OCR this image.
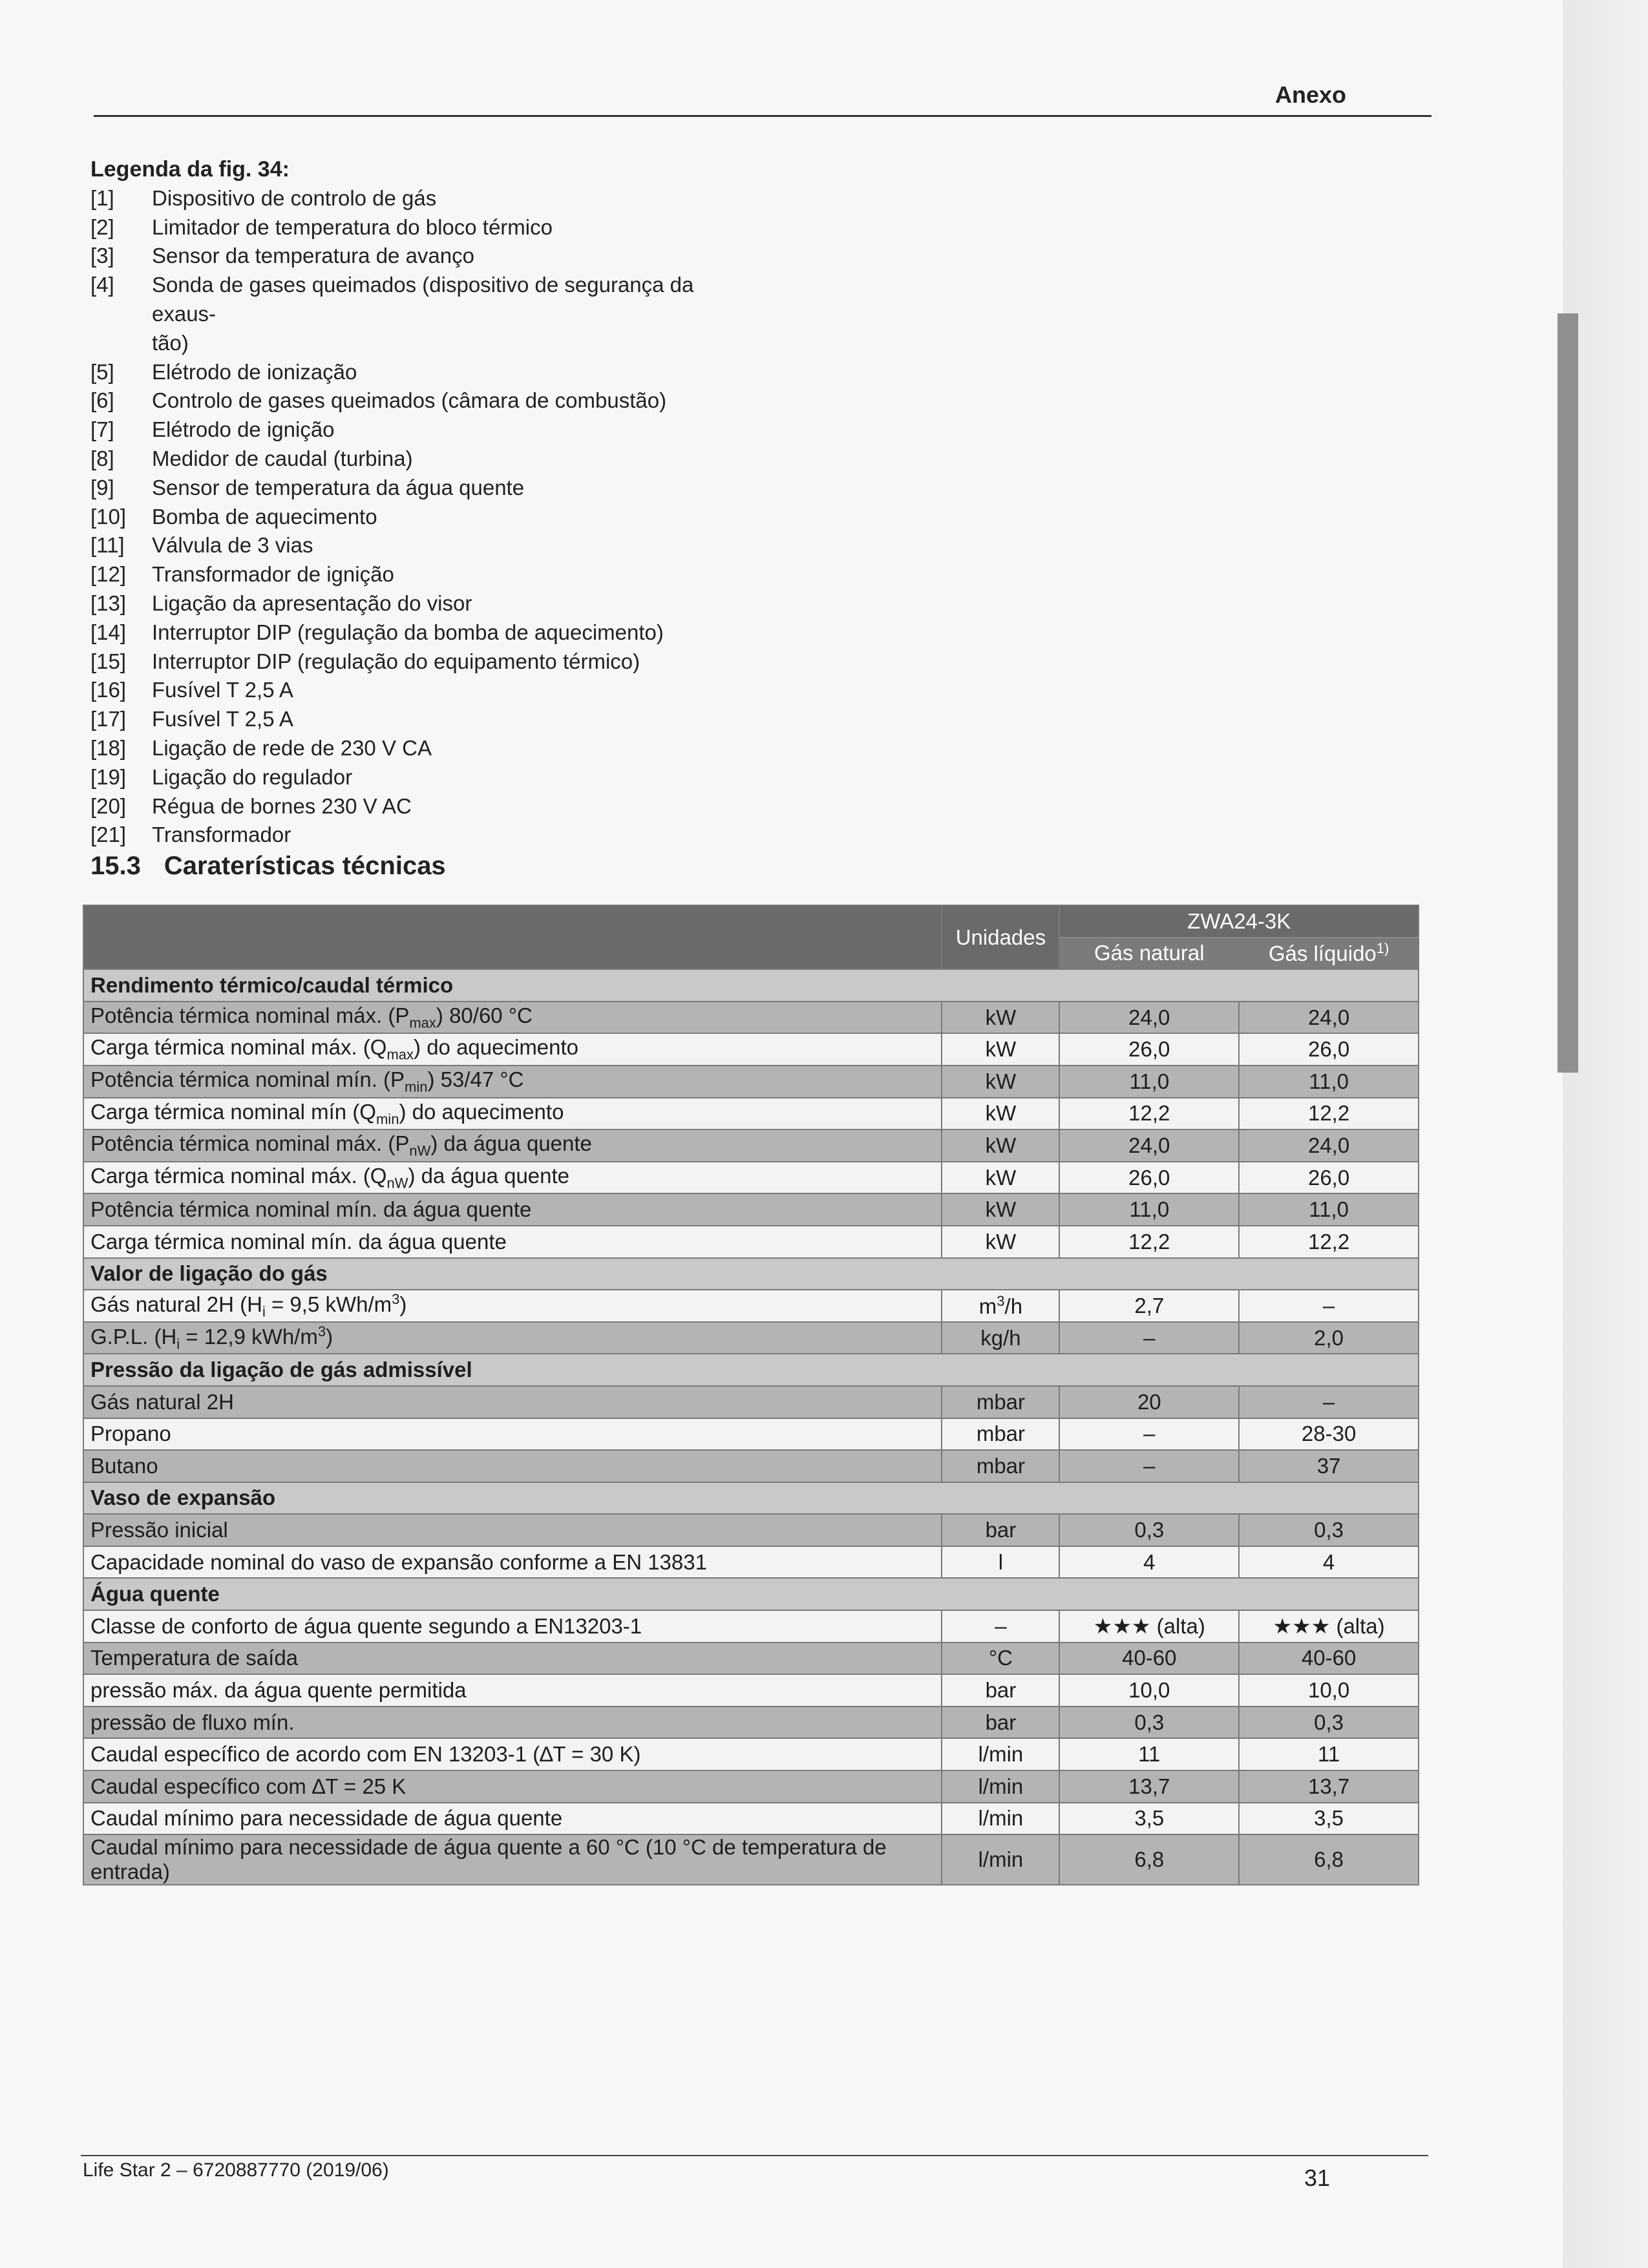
Anexo
Legenda da fig. 34:
[1]	Dispositivo de controlo de gás
[2]	Limitador de temperatura do bloco térmico
[3]	Sensor da temperatura de avanço
[4]	Sonda de gases queimados (dispositivo de segurança da exaus-
tão)
[5]	Elétrodo de ionização
[6]	Controlo de gases queimados (câmara de combustão)
[7]	Elétrodo de ignição
[8]	Medidor de caudal (turbina)
[9]	Sensor de temperatura da água quente
[10]	Bomba de aquecimento
[11]	Válvula de 3 vias
[12]	Transformador de ignição
[13]	Ligação da apresentação do visor
[14]	Interruptor DIP (regulação da bomba de aquecimento)
[15]	Interruptor DIP (regulação do equipamento térmico)
[16]	Fusível T 2,5 A
[17]	Fusível T 2,5 A
[18]	Ligação de rede de 230 V CA
[19]	Ligação do regulador
[20]	Régua de bornes 230 V AC
[21]	Transformador
15.3 Caraterísticas técnicas
	Unidades	ZWA24-3K	
		Gás natural	Gás líquido$^{1)}$
Rendimento térmico/caudal térmico			
Potência térmica nominal máx. $(P_{max})$ 80/60 °C	kW	24,0	24,0
Carga térmica nominal máx. $(Q_{max})$ do aquecimento	kW	26,0	26,0
Potência térmica nominal mín. $(P_{min})$ 53/47 °C	kW	11,0	11,0
Carga térmica nominal mín $(Q_{min})$ do aquecimento	kW	12,2	12,2
Potência térmica nominal máx. $(P_{nW})$ da água quente	kW	24,0	24,0
Carga térmica nominal máx. $(Q_{nW})$ da água quente	kW	26,0	26,0
Potência térmica nominal mín. da água quente	kW	11,0	11,0
Carga térmica nominal mín. da água quente	kW	12,2	12,2
Valor de ligação do gás			
Gás natural 2H ($H_i = 9,5$ kWh/$m^3$)	$m^3/h$	2,7	–
G.P.L. ($H_i = 12,9$ kWh/$m^3$)	kg/h	–	2,0
Pressão da ligação de gás admissível			
Gás natural 2H	mbar	20	–
Propano	mbar	–	28-30
Butano	mbar	–	37
Vaso de expansão			
Pressão inicial	bar	0,3	0,3
Capacidade nominal do vaso de expansão conforme a EN 13831	l	4	4
Água quente			
Classe de conforto de água quente segundo a EN13203-1	–	★★★ (alta)	★★★ (alta)
Temperatura de saída	°C	40-60	40-60
pressão máx. da água quente permitida	bar	10,0	10,0
pressão de fluxo mín.	bar	0,3	0,3
Caudal específico de acordo com EN 13203-1 (∆T = 30 K)	l/min	11	11
Caudal específico com ∆T = 25 K	l/min	13,7	13,7
Caudal mínimo para necessidade de água quente	l/min	3,5	3,5
Caudal mínimo para necessidade de água quente a 60 °C (10 °C de temperatura de entrada)	l/min	6,8	6,8
Life Star 2 – 6720887770 (2019/06)	31
